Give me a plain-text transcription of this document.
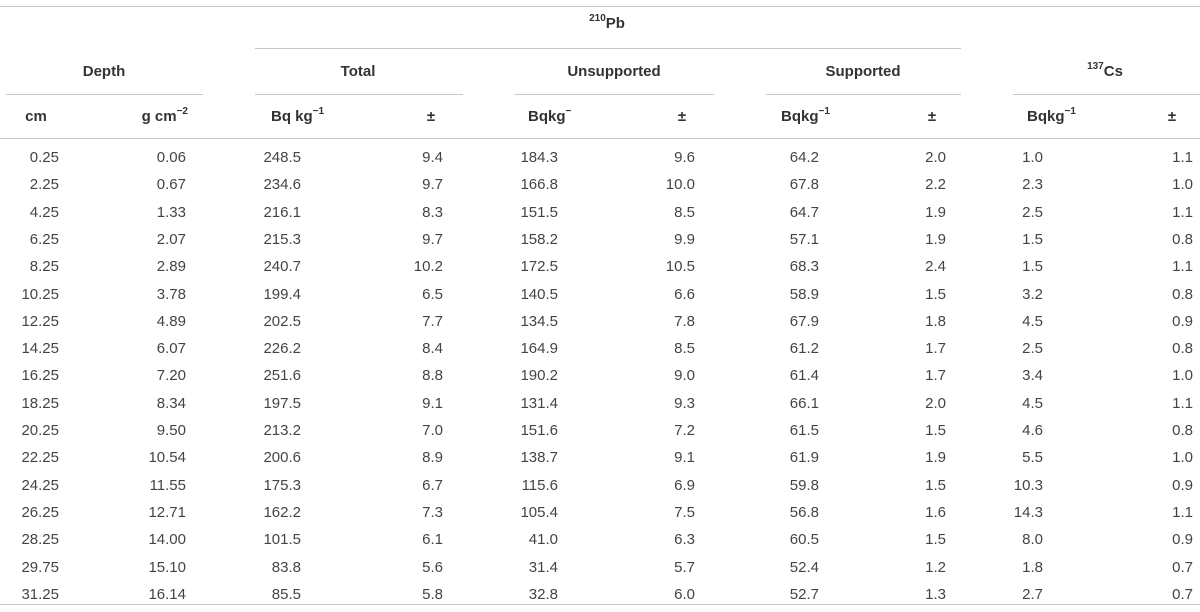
$^{210}$Pb
Depth	Total	Unsupported	Supported	$^{137}$Cs
cm	g $cm^{-2}$	Bq $kg^{-1}$	±	Bqkg−	±	Bqkg$^{-1}$	±	Bqkg$^{-1}$	±
0.25	0.06	248.5	9.4	184.3	9.6	64.2	2.0	1.0	1.1
2.25	0.67	234.6	9.7	166.8	10.0	67.8	2.2	2.3	1.0
4.25	1.33	216.1	8.3	151.5	8.5	64.7	1.9	2.5	1.1
6.25	2.07	215.3	9.7	158.2	9.9	57.1	1.9	1.5	0.8
8.25	2.89	240.7	10.2	172.5	10.5	68.3	2.4	1.5	1.1
10.25	3.78	199.4	6.5	140.5	6.6	58.9	1.5	3.2	0.8
12.25	4.89	202.5	7.7	134.5	7.8	67.9	1.8	4.5	0.9
14.25	6.07	226.2	8.4	164.9	8.5	61.2	1.7	2.5	0.8
16.25	7.20	251.6	8.8	190.2	9.0	61.4	1.7	3.4	1.0
18.25	8.34	197.5	9.1	131.4	9.3	66.1	2.0	4.5	1.1
20.25	9.50	213.2	7.0	151.6	7.2	61.5	1.5	4.6	0.8
22.25	10.54	200.6	8.9	138.7	9.1	61.9	1.9	5.5	1.0
24.25	11.55	175.3	6.7	115.6	6.9	59.8	1.5	10.3	0.9
26.25	12.71	162.2	7.3	105.4	7.5	56.8	1.6	14.3	1.1
28.25	14.00	101.5	6.1	41.0	6.3	60.5	1.5	8.0	0.9
29.75	15.10	83.8	5.6	31.4	5.7	52.4	1.2	1.8	0.7
31.25	16.14	85.5	5.8	32.8	6.0	52.7	1.3	2.7	0.7
